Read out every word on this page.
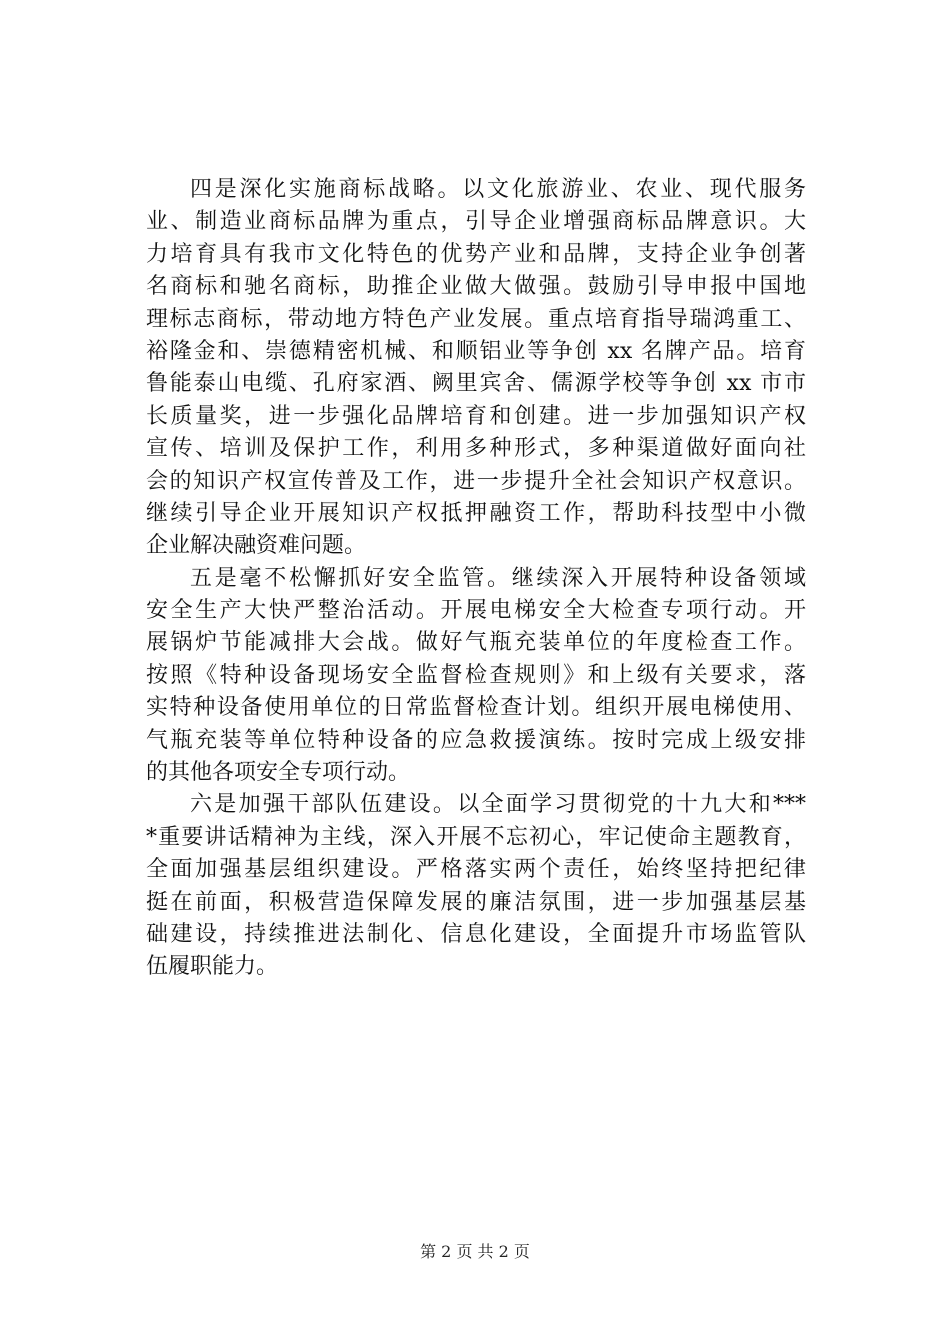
四是深化实施商标战略。以文化旅游业、农业、现代服务
业、制造业商标品牌为重点，引导企业增强商标品牌意识。大
力培育具有我市文化特色的优势产业和品牌，支持企业争创著
名商标和驰名商标，助推企业做大做强。鼓励引导申报中国地
理标志商标，带动地方特色产业发展。重点培育指导瑞鸿重工、
裕隆金和、崇德精密机械、和顺铝业等争创 xx 名牌产品。培育
鲁能泰山电缆、孔府家酒、阙里宾舍、儒源学校等争创 xx 市市
长质量奖，进一步强化品牌培育和创建。进一步加强知识产权
宣传、培训及保护工作，利用多种形式，多种渠道做好面向社
会的知识产权宣传普及工作，进一步提升全社会知识产权意识。
继续引导企业开展知识产权抵押融资工作，帮助科技型中小微
企业解决融资难问题。
五是毫不松懈抓好安全监管。继续深入开展特种设备领域
安全生产大快严整治活动。开展电梯安全大检查专项行动。开
展锅炉节能减排大会战。做好气瓶充装单位的年度检查工作。
按照《特种设备现场安全监督检查规则》和上级有关要求，落
实特种设备使用单位的日常监督检查计划。组织开展电梯使用、
气瓶充装等单位特种设备的应急救援演练。按时完成上级安排
的其他各项安全专项行动。
六是加强干部队伍建设。以全面学习贯彻党的十九大和***
*重要讲话精神为主线，深入开展不忘初心，牢记使命主题教育，
全面加强基层组织建设。严格落实两个责任，始终坚持把纪律
挺在前面，积极营造保障发展的廉洁氛围，进一步加强基层基
础建设，持续推进法制化、信息化建设，全面提升市场监管队
伍履职能力。
第 2 页 共 2 页
